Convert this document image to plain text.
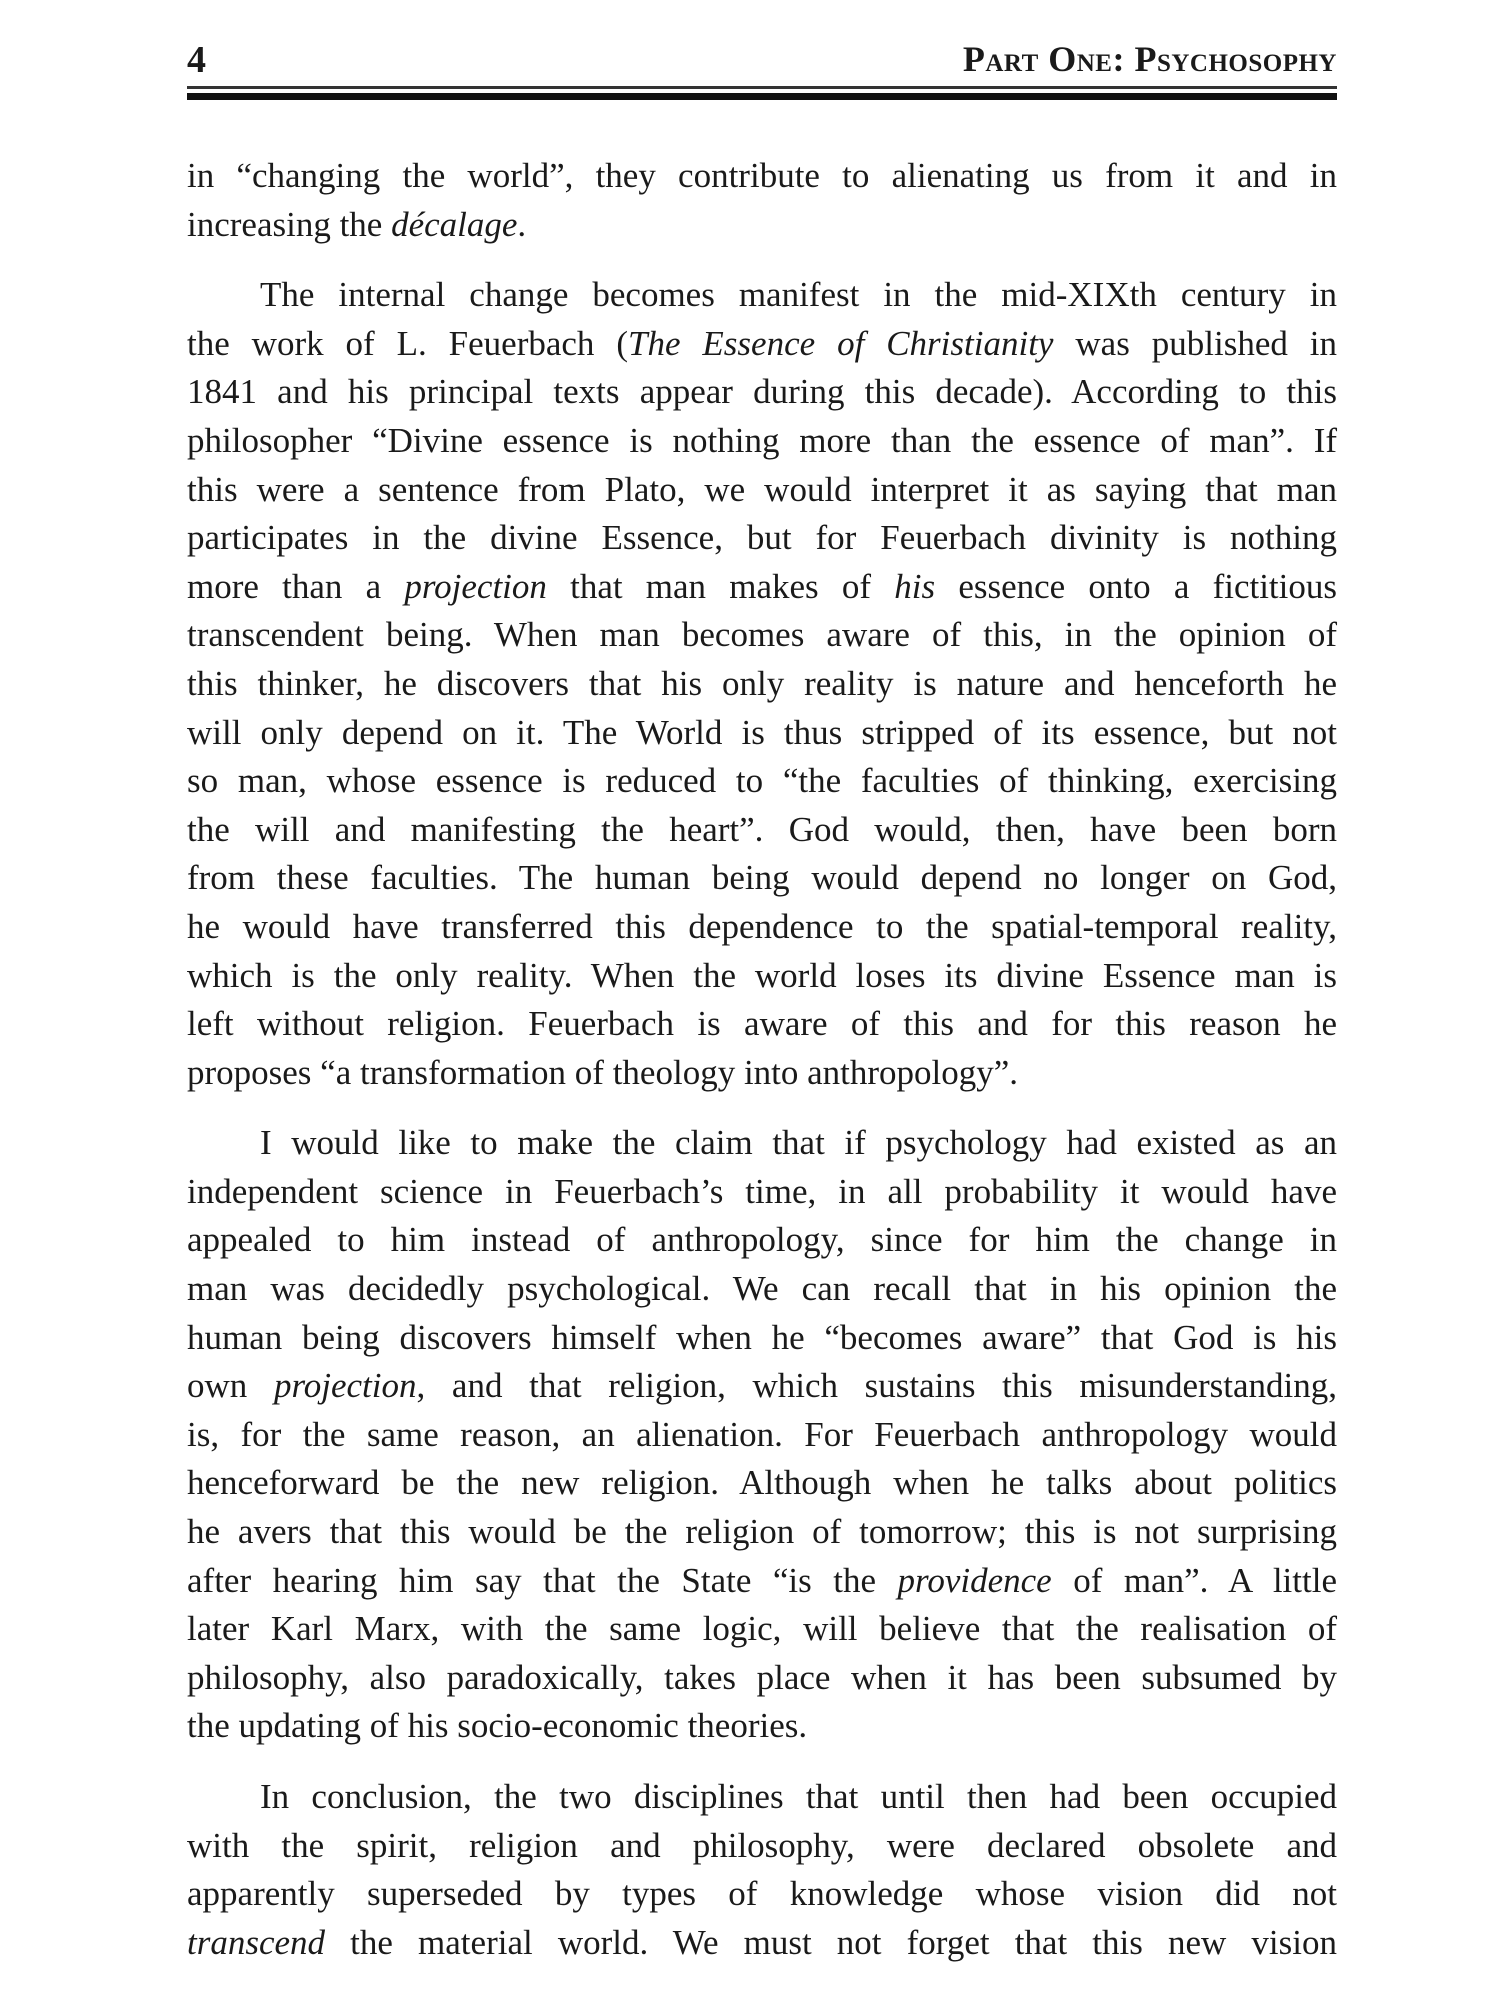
4	Part One: Psychosophy
in “changing the world”, they contribute to alienating us from it and in
increasing the décalage.
The internal change becomes manifest in the mid-XIXth century in
the work of L. Feuerbach (The Essence of Christianity was published in
1841 and his principal texts appear during this decade). According to this
philosopher “Divine essence is nothing more than the essence of man”. If
this were a sentence from Plato, we would interpret it as saying that man
participates in the divine Essence, but for Feuerbach divinity is nothing
more than a projection that man makes of his essence onto a fictitious
transcendent being. When man becomes aware of this, in the opinion of
this thinker, he discovers that his only reality is nature and henceforth he
will only depend on it. The World is thus stripped of its essence, but not
so man, whose essence is reduced to “the faculties of thinking, exercising
the will and manifesting the heart”. God would, then, have been born
from these faculties. The human being would depend no longer on God,
he would have transferred this dependence to the spatial-temporal reality,
which is the only reality. When the world loses its divine Essence man is
left without religion. Feuerbach is aware of this and for this reason he
proposes “a transformation of theology into anthropology”.
I would like to make the claim that if psychology had existed as an
independent science in Feuerbach’s time, in all probability it would have
appealed to him instead of anthropology, since for him the change in
man was decidedly psychological. We can recall that in his opinion the
human being discovers himself when he “becomes aware” that God is his
own projection, and that religion, which sustains this misunderstanding,
is, for the same reason, an alienation. For Feuerbach anthropology would
henceforward be the new religion. Although when he talks about politics
he avers that this would be the religion of tomorrow; this is not surprising
after hearing him say that the State “is the providence of man”. A little
later Karl Marx, with the same logic, will believe that the realisation of
philosophy, also paradoxically, takes place when it has been subsumed by
the updating of his socio-economic theories.
In conclusion, the two disciplines that until then had been occupied
with the spirit, religion and philosophy, were declared obsolete and
apparently superseded by types of knowledge whose vision did not
transcend the material world. We must not forget that this new vision
